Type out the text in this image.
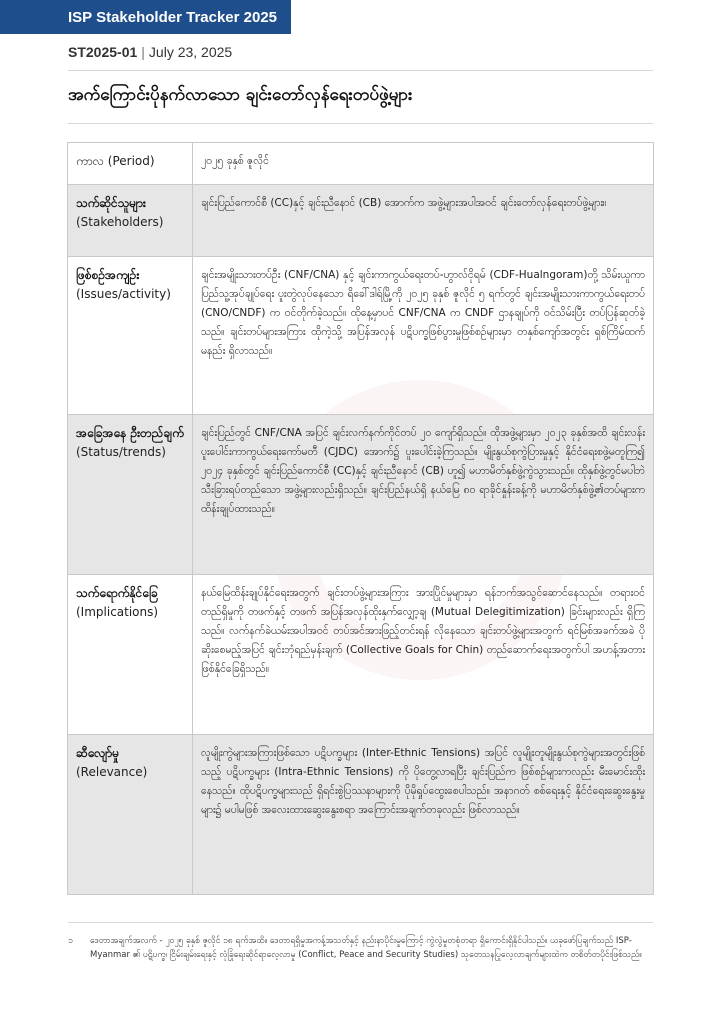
ISP Stakeholder Tracker 2025
ST2025-01 | July 23, 2025
အက်ကြောင်းပိုနက်လာသော ချင်းတော်လှန်ရေးတပ်ဖွဲ့များ
ကာလ (Period)	၂၀၂၅ ခုနှစ် ဇူလိုင်

သက်ဆိုင်သူများ
(Stakeholders)	ချင်းပြည်ကောင်စီ (CC)နှင့် ချင်းညီနောင် (CB) အောက်က အဖွဲ့များအပါအဝင် ချင်းတော်လှန်ရေးတပ်ဖွဲ့များ။

ဖြစ်စဉ်အကျဉ်း
(Issues/activity)	ချင်းအမျိုးသားတပ်ဦး (CNF/CNA) နှင့် ချင်းကာကွယ်ရေးတပ်-ဟွာလ်ငိုရမ် (CDF-Hualngoram)တို့ သိမ်းယူကာ ပြည်သူ့အုပ်ချုပ်ရေး ပူးတွဲလုပ်နေသော ရိခေါ်ဒါရ်မြို့ကို ၂၀၂၅ ခုနှစ် ဇူလိုင် ၅ ရက်တွင် ချင်းအမျိုးသားကာကွယ်ရေးတပ် (CNO/CNDF) က ဝင်တိုက်ခဲ့သည်။ ထိုနေ့မှာပင် CNF/CNA က CNDF ဌာနချုပ်ကို ဝင်သိမ်းပြီး တပ်ပြန်ဆုတ်ခဲ့သည်။ ချင်းတပ်များအကြား ထိုကဲ့သို့ အပြန်အလှန် ပဋိပက္ခဖြစ်ပွားမှုဖြစ်စဉ်များမှာ တနှစ်ကျော်အတွင်း ရှစ်ကြိမ်ထက်မနည်း ရှိလာသည်။

အခြေအနေ ဦးတည်ချက်
(Status/trends)	ချင်းပြည်တွင် CNF/CNA အပြင် ချင်းလက်နက်ကိုင်တပ် ၂၀ ကျော်ရှိသည်။ ထိုအဖွဲ့များမှာ ၂၀၂၃ ခုနှစ်အထိ ချင်းလန်းပူးပေါင်းကာကွယ်ရေးကော်မတီ (CJDC) အောက်၌ ပူးပေါင်းခဲ့ကြသည်။ မျိုးနွယ်စုကွဲပြားမှုနှင့် နိုင်ငံရေးစဖွဲ့မတူကြ၍ ၂၀၂၄ ခုနှစ်တွင် ချင်းပြည်ကောင်စီ (CC)နှင့် ချင်းညီနောင် (CB) ဟူ၍ မဟာမိတ်နှစ်ဖွဲ့ကွဲသွားသည်။ ထိုနှစ်ဖွဲ့တွင်မပါဘဲ သီးခြားရပ်တည်သော အဖွဲ့များလည်းရှိသည်။ ချင်းပြည်နယ်ရှိ နယ်မြေ ၈၀ ရာခိုင်နှုန်းခန့်ကို မဟာမိတ်နှစ်ဖွဲ့၏တပ်များက ထိန်းချုပ်ထားသည်။

သက်ရောက်နိုင်ခြေ
(Implications)	နယ်မြေထိန်းချုပ်နိုင်ရေးအတွက် ချင်းတပ်ဖွဲ့များအကြား အားပြိုင်မှုများမှာ ရန်ဘက်အသွင်ဆောင်နေသည်။ တရားဝင်တည်ရှိမှုကို တဖက်နှင့် တဖက် အပြန်အလှန်ထိုးနှက်လျှော့ချ (Mutual Delegitimization) ခြင်းများလည်း ရှိကြသည်။ လက်နက်ခဲယမ်းအပါအဝင် တပ်အင်အားဖြည့်တင်းရန် လိုနေသော ချင်းတပ်ဖွဲ့များအတွက် ရင်မြစ်အခက်အခဲ ပိုဆိုးစေမည့်အပြင် ချင်းဘုံရည်မှန်းချက် (Collective Goals for Chin) တည်ဆောက်ရေးအတွက်ပါ အဟန့်အတားဖြစ်နိုင်ခြေရှိသည်။

ဆီလျော်မှု
(Relevance)	လူမျိုးကွဲများအကြားဖြစ်သော ပဋိပက္ခများ (Inter-Ethnic Tensions) အပြင် လူမျိုးတူမျိုးနွယ်စုကွဲများအတွင်းဖြစ်သည့် ပဋိပက္ခများ (Intra-Ethnic Tensions) ကို ပိုတွေ့လာရပြီး ချင်းပြည်က ဖြစ်စဉ်များကလည်း မီးမောင်းထိုးနေသည်။ ထိုပဋိပက္ခများသည် ရှိရင်းစွဲပြဿနာများကို ပိုမိုရှုပ်ထွေးစေပါသည်။ အနာဂတ် စစ်ရေးနှင့် နိုင်ငံရေးဆွေးနွေးမှုများ၌ မပါမဖြစ် အလေးထားဆွေးနွေးစရာ အကြောင်းအချက်တခုလည်း ဖြစ်လာသည်။
၁ ဒေတာအချက်အလက် - ၂၀၂၅ ခုနှစ် ဇူလိုင် ၁၈ ရက်အထိ။ ဒေတာရရှိမှုအကန့်အသတ်နှင့် နည်းနာပိုင်းမှုကြောင့် ကွဲလွဲမှုတစုံတရာ ရှိကောင်းရှိနိုင်ပါသည်။ ယခုဖော်ပြချက်သည် ISP-Myanmar ၏ ပဋိပက္ခ၊ ငြိမ်းချမ်းရေးနှင့် လုံခြုံရေးဆိုင်ရာလေ့လာမှု (Conflict, Peace and Security Studies) သုတေသနပြုလေ့လာချက်များထဲက တစိတ်တပိုင်းဖြစ်သည်။
